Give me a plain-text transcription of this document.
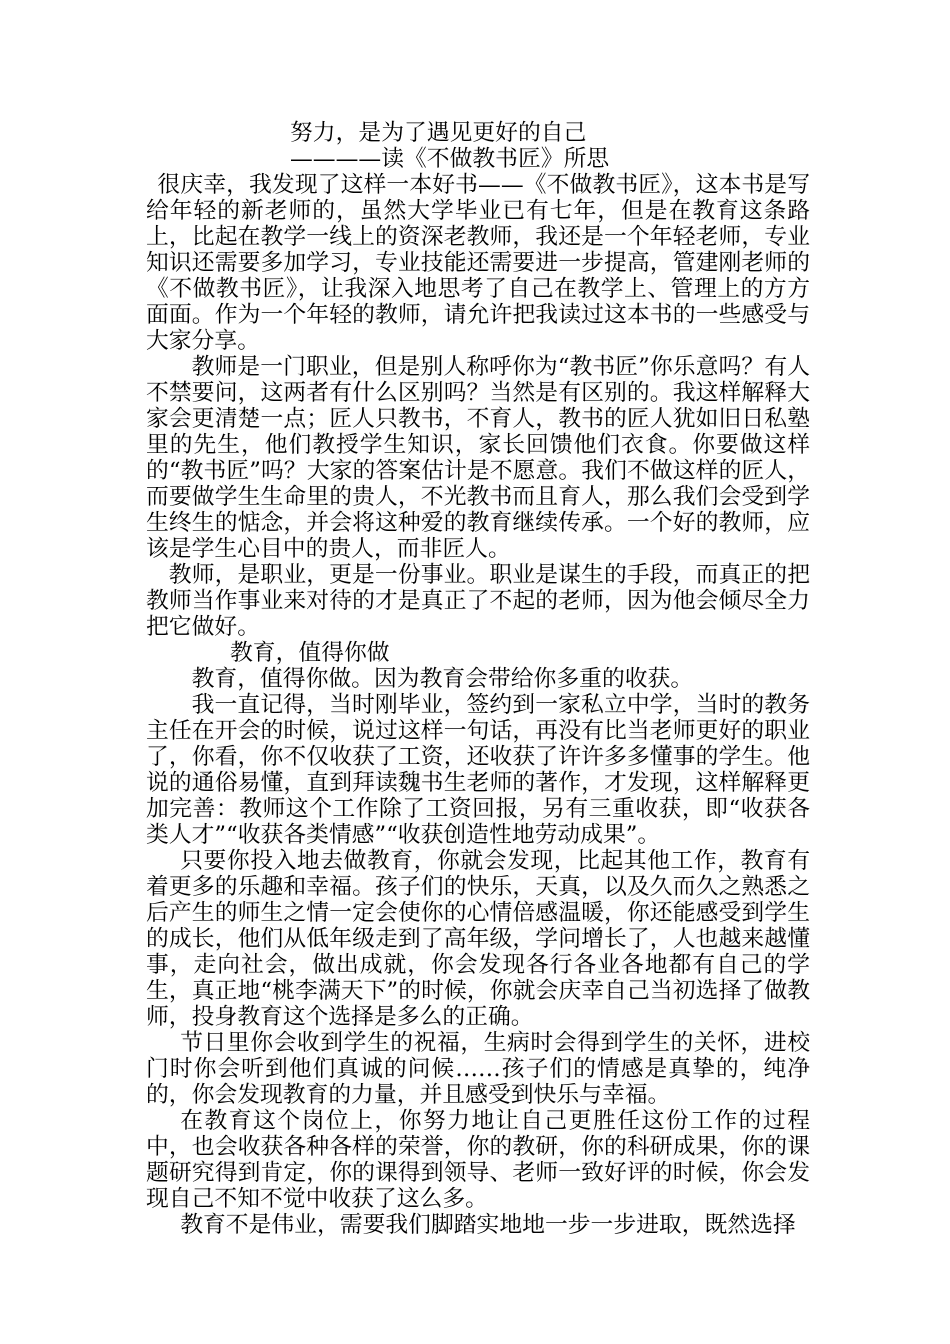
努力，是为了遇见更好的自己
————读《不做教书匠》所思

很庆幸，我发现了这样一本好书——《不做教书匠》，这本书是写给年轻的新老师的，虽然大学毕业已有七年，但是在教育这条路上，比起在教学一线上的资深老教师，我还是一个年轻老师，专业知识还需要多加学习，专业技能还需要进一步提高，管建刚老师的《不做教书匠》，让我深入地思考了自己在教学上、管理上的方方面面。作为一个年轻的教师，请允许把我读过这本书的一些感受与大家分享。

教师是一门职业，但是别人称呼你为“教书匠”你乐意吗？有人不禁要问，这两者有什么区别吗？当然是有区别的。我这样解释大家会更清楚一点；匠人只教书，不育人，教书的匠人犹如旧日私塾里的先生，他们教授学生知识，家长回馈他们衣食。你要做这样的“教书匠”吗？大家的答案估计是不愿意。我们不做这样的匠人，而要做学生生命里的贵人，不光教书而且育人，那么我们会受到学生终生的惦念，并会将这种爱的教育继续传承。一个好的教师，应该是学生心目中的贵人，而非匠人。

教师，是职业，更是一份事业。职业是谋生的手段，而真正的把教师当作事业来对待的才是真正了不起的老师，因为他会倾尽全力把它做好。

教育，值得你做

教育，值得你做。因为教育会带给你多重的收获。

我一直记得，当时刚毕业，签约到一家私立中学，当时的教务主任在开会的时候，说过这样一句话，再没有比当老师更好的职业了，你看，你不仅收获了工资，还收获了许许多多懂事的学生。他说的通俗易懂，直到拜读魏书生老师的著作，才发现，这样解释更加完善：教师这个工作除了工资回报，另有三重收获，即“收获各类人才”“收获各类情感”“收获创造性地劳动成果”。

只要你投入地去做教育，你就会发现，比起其他工作，教育有着更多的乐趣和幸福。孩子们的快乐，天真，以及久而久之熟悉之后产生的师生之情一定会使你的心情倍感温暖，你还能感受到学生的成长，他们从低年级走到了高年级，学问增长了，人也越来越懂事，走向社会，做出成就，你会发现各行各业各地都有自己的学生，真正地“桃李满天下”的时候，你就会庆幸自己当初选择了做教师，投身教育这个选择是多么的正确。

节日里你会收到学生的祝福，生病时会得到学生的关怀，进校门时你会听到他们真诚的问候……孩子们的情感是真挚的，纯净的，你会发现教育的力量，并且感受到快乐与幸福。

在教育这个岗位上，你努力地让自己更胜任这份工作的过程中，也会收获各种各样的荣誉，你的教研，你的科研成果，你的课题研究得到肯定，你的课得到领导、老师一致好评的时候，你会发现自己不知不觉中收获了这么多。

教育不是伟业，需要我们脚踏实地地一步一步进取，既然选择
